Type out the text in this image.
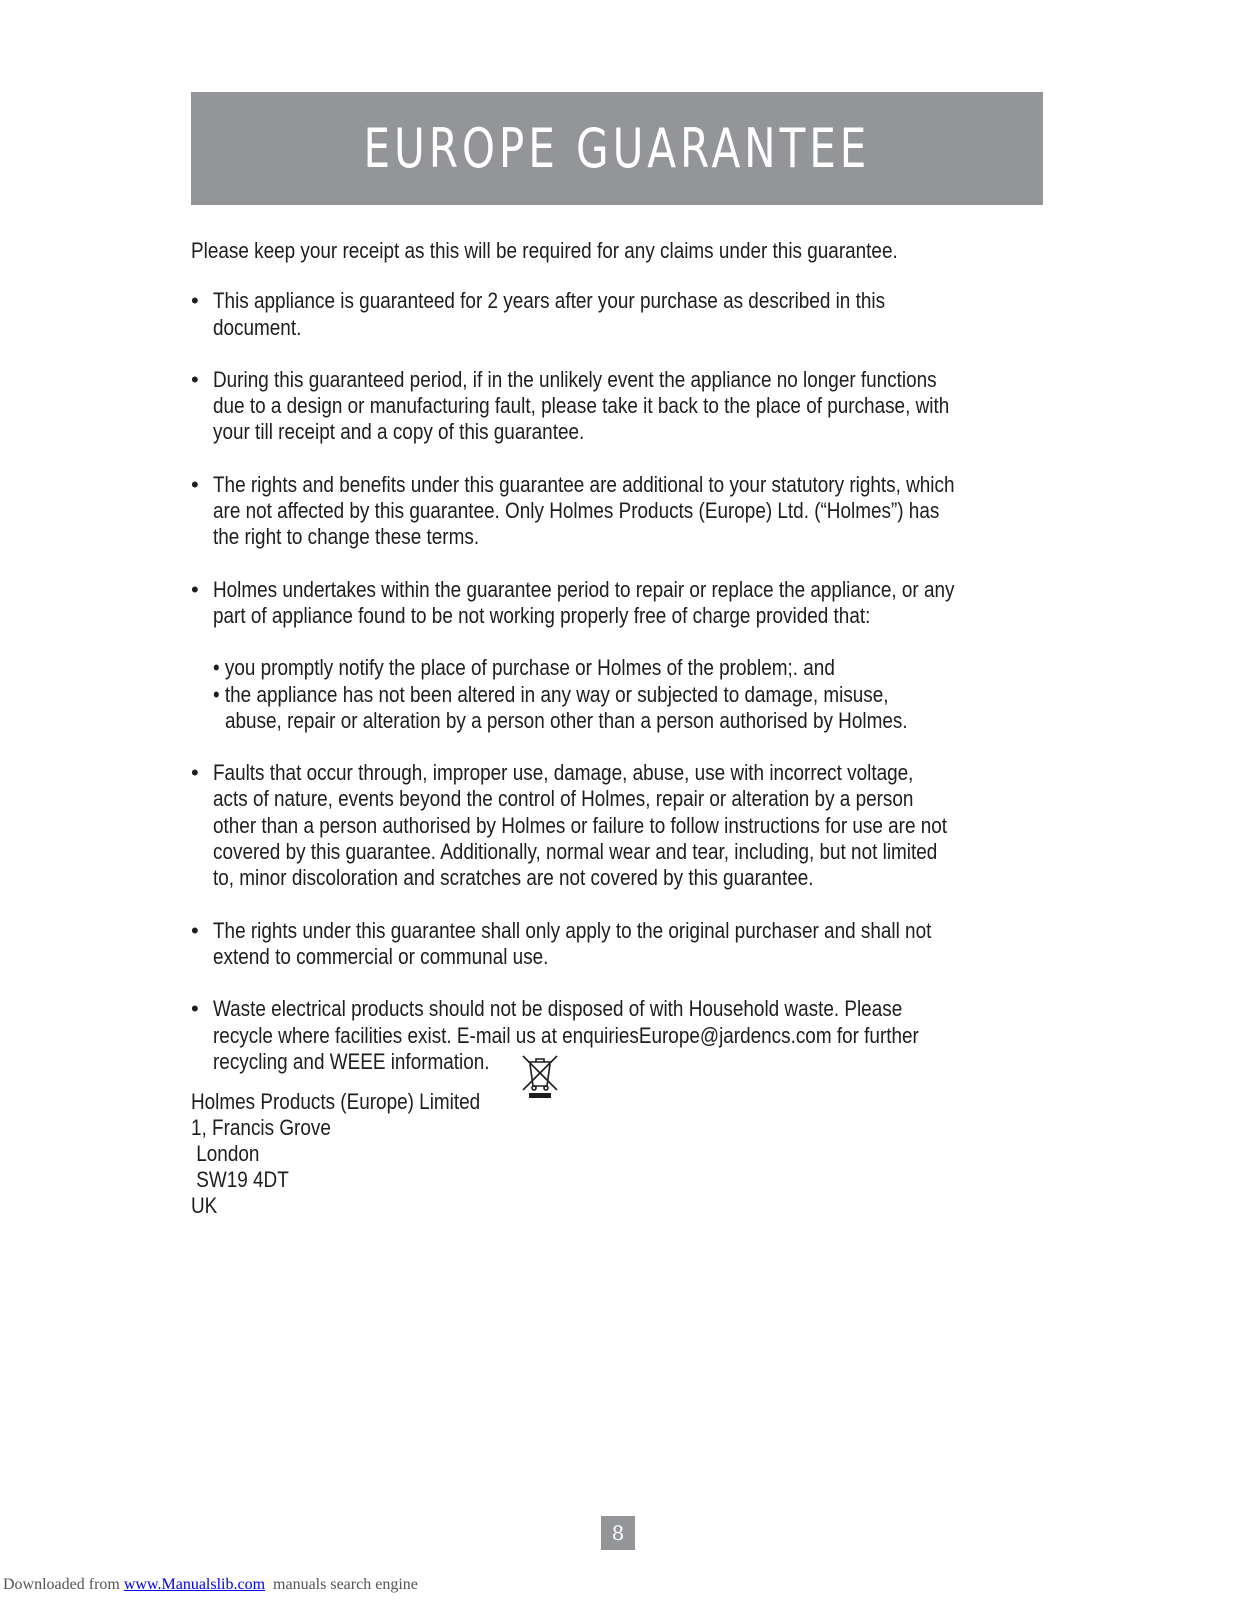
EUROPE GUARANTEE
Please keep your receipt as this will be required for any claims under this guarantee.
• This appliance is guaranteed for 2 years after your purchase as described in this
document.
• During this guaranteed period, if in the unlikely event the appliance no longer functions
due to a design or manufacturing fault, please take it back to the place of purchase, with
your till receipt and a copy of this guarantee.
• The rights and benefits under this guarantee are additional to your statutory rights, which
are not affected by this guarantee. Only Holmes Products (Europe) Ltd. (“Holmes”) has
the right to change these terms.
• Holmes undertakes within the guarantee period to repair or replace the appliance, or any
part of appliance found to be not working properly free of charge provided that:
• you promptly notify the place of purchase or Holmes of the problem;. and
• the appliance has not been altered in any way or subjected to damage, misuse,
abuse, repair or alteration by a person other than a person authorised by Holmes.
• Faults that occur through, improper use, damage, abuse, use with incorrect voltage,
acts of nature, events beyond the control of Holmes, repair or alteration by a person
other than a person authorised by Holmes or failure to follow instructions for use are not
covered by this guarantee. Additionally, normal wear and tear, including, but not limited
to, minor discoloration and scratches are not covered by this guarantee.
• The rights under this guarantee shall only apply to the original purchaser and shall not
extend to commercial or communal use.
• Waste electrical products should not be disposed of with Household waste. Please
recycle where facilities exist. E-mail us at enquiriesEurope@jardencs.com for further
recycling and WEEE information.
Holmes Products (Europe) Limited
1, Francis Grove
London
SW19 4DT
UK
8
Downloaded from www.Manualslib.com  manuals search engine
